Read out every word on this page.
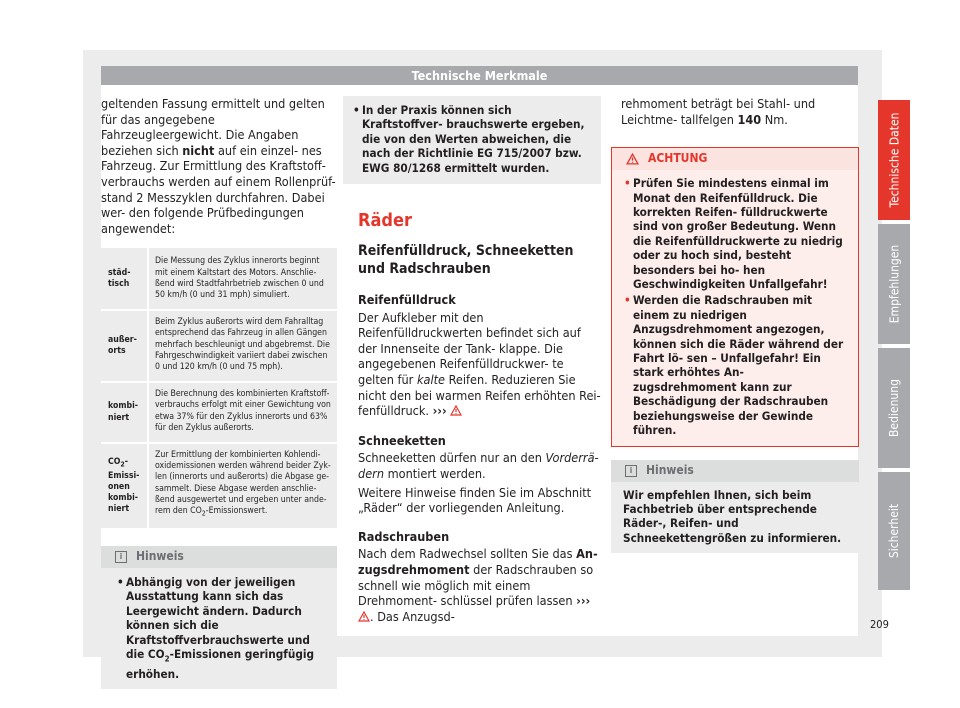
Technische Merkmale

geltenden Fassung ermittelt und gelten für das angegebene Fahrzeugleergewicht. Die Angaben beziehen sich nicht auf ein einzel- nes Fahrzeug. Zur Ermittlung des Kraftstoff- verbrauchs werden auf einem Rollenprüf- stand 2 Messzyklen durchfahren. Dabei wer- den folgende Prüfbedingungen angewendet:

städ- tisch	Die Messung des Zyklus innerorts beginnt mit einem Kaltstart des Motors. Anschlie- ßend wird Stadtfahrbetrieb zwischen 0 und 50 km/h (0 und 31 mph) simuliert.
außer- orts	Beim Zyklus außerorts wird dem Fahralltag entsprechend das Fahrzeug in allen Gängen mehrfach beschleunigt und abgebremst. Die Fahrgeschwindigkeit variiert dabei zwischen 0 und 120 km/h (0 und 75 mph).
kombi- niert	Die Berechnung des kombinierten Kraftstoff- verbrauchs erfolgt mit einer Gewichtung von etwa 37% für den Zyklus innerorts und 63% für den Zyklus außerorts.
$CO_2-$ Emissi- onen kombi- niert	Zur Ermittlung der kombinierten Kohlendi- oxidemissionen werden während beider Zyk- len (innerorts und außerorts) die Abgase ge- sammelt. Diese Abgase werden anschlie- ßend ausgewertet und ergeben unter ande- rem den $CO_2$-Emissionswert.
i	Hinweis
• Abhängig von der jeweiligen Ausstattung kann sich das Leergewicht ändern. Dadurch können sich die Kraftstoffverbrauchswerte und die $CO_2$-Emissionen geringfügig erhöhen.
• In der Praxis können sich Kraftstoffver- brauchswerte ergeben, die von den Werten abweichen, die nach der Richtlinie EG 715/2007 bzw. EWG 80/1268 ermittelt wurden.
Räder
Reifenfülldruck, Schneeketten und Radschrauben

Reifenfülldruck

Der Aufkleber mit den Reifenfülldruckwerten befindet sich auf der Innenseite der Tank- klappe. Die angegebenen Reifenfülldruckwer- te gelten für kalte Reifen. Reduzieren Sie nicht den bei warmen Reifen erhöhten Rei- fenfülldruck. ›››

Schneeketten

Schneeketten dürfen nur an den Vorderrä- dern montiert werden.

Weitere Hinweise finden Sie im Abschnitt „Räder“ der vorliegenden Anleitung.

Radschrauben

Nach dem Radwechsel sollten Sie das An- zugsdrehmoment der Radschrauben so schnell wie möglich mit einem Drehmoment- schlüssel prüfen lassen ››› . Das Anzugsd-

rehmoment beträgt bei Stahl- und Leichtme- tallfelgen 140 Nm.

ACHTUNG
• Prüfen Sie mindestens einmal im Monat den Reifenfülldruck. Die korrekten Reifen- fülldruckwerte sind von großer Bedeutung. Wenn die Reifenfülldruckwerte zu niedrig oder zu hoch sind, besteht besonders bei ho- hen Geschwindigkeiten Unfallgefahr!
• Werden die Radschrauben mit einem zu niedrigen Anzugsdrehmoment angezogen, können sich die Räder während der Fahrt lö- sen – Unfallgefahr! Ein stark erhöhtes An- zugsdrehmoment kann zur Beschädigung der Radschrauben beziehungsweise der Gewinde führen.
i	Hinweis
Wir empfehlen Ihnen, sich beim Fachbetrieb über entsprechende Räder-, Reifen- und Schneekettengrößen zu informieren.
Technische Daten
Empfehlungen
Bedienung
Sicherheit
209
